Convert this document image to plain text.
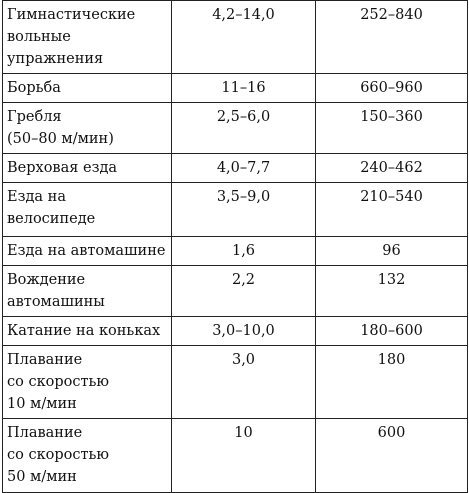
Гимнастические
вольные
упражнения	4,2–14,0	252–840
Борьба	11–16	660–960
Гребля
(50–80 м/мин)	2,5–6,0	150–360
Верховая езда	4,0–7,7	240–462
Езда на
велосипеде	3,5–9,0	210–540
Езда на автомашине	1,6	96
Вождение
автомашины	2,2	132
Катание на коньках	3,0–10,0	180–600
Плавание
со скоростью
10 м/мин	3,0	180
Плавание
со скоростью
50 м/мин	10	600
